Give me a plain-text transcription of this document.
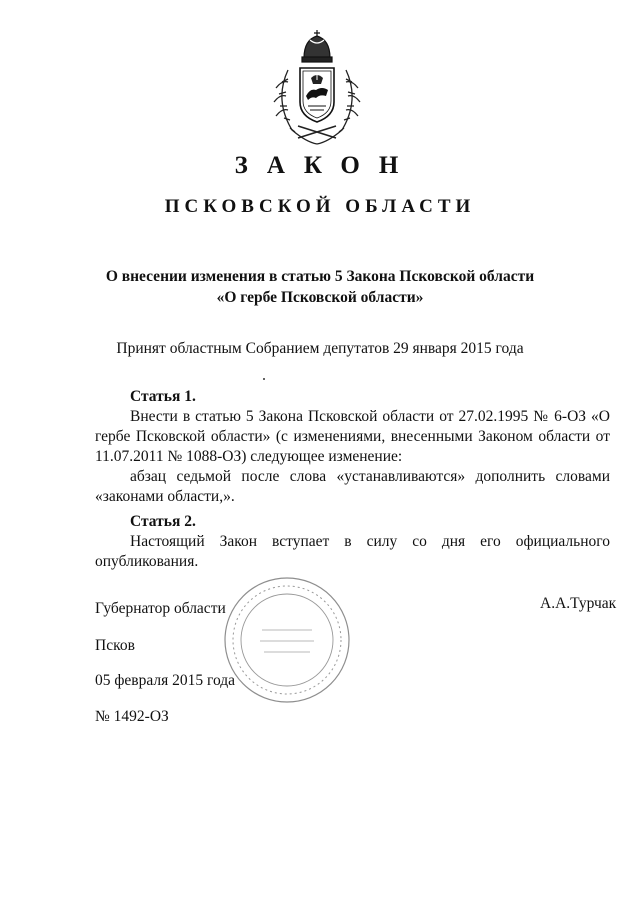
ЗАКОН
ПСКОВСКОЙ ОБЛАСТИ
О внесении изменения в статью 5 Закона Псковской области
«О гербе Псковской области»
Принят областным Собранием депутатов 29 января 2015 года
Статья 1.
Внести в статью 5 Закона Псковской области от 27.02.1995 № 6-ОЗ «О гербе Псковской области» (с изменениями, внесенными Законом области от 11.07.2011 № 1088-ОЗ) следующее изменение:
абзац седьмой после слова «устанавливаются» дополнить словами «законами области,».
Статья 2.
Настоящий Закон вступает в силу со дня его официального опубликования.
Губернатор области	А.А.Турчак
Псков
05 февраля 2015 года
№ 1492-ОЗ
